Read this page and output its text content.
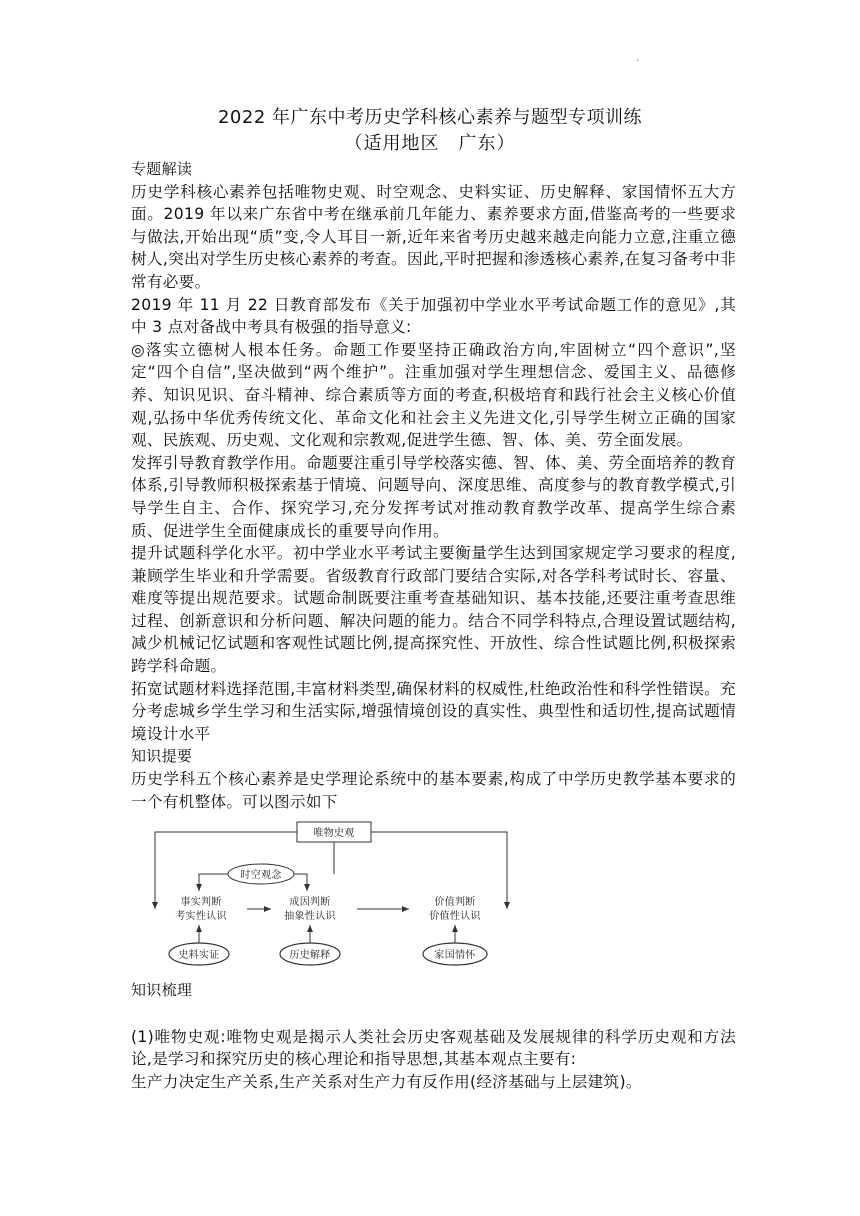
·
2022 年广东中考历史学科核心素养与题型专项训练
（适用地区　广东）

专题解读

历史学科核心素养包括唯物史观、时空观念、史料实证、历史解释、家国情怀五大方面。2019 年以来广东省中考在继承前几年能力、素养要求方面,借鉴高考的一些要求与做法,开始出现“质”变,令人耳目一新,近年来省考历史越来越走向能力立意,注重立德树人,突出对学生历史核心素养的考查。因此,平时把握和渗透核心素养,在复习备考中非常有必要。

2019 年 11 月 22 日教育部发布《关于加强初中学业水平考试命题工作的意见》,其中 3 点对备战中考具有极强的指导意义:

◎落实立德树人根本任务。命题工作要坚持正确政治方向,牢固树立“四个意识”,坚定“四个自信”,坚决做到“两个维护”。注重加强对学生理想信念、爱国主义、品德修养、知识见识、奋斗精神、综合素质等方面的考查,积极培育和践行社会主义核心价值观,弘扬中华优秀传统文化、革命文化和社会主义先进文化,引导学生树立正确的国家观、民族观、历史观、文化观和宗教观,促进学生德、智、体、美、劳全面发展。

发挥引导教育教学作用。命题要注重引导学校落实德、智、体、美、劳全面培养的教育体系,引导教师积极探索基于情境、问题导向、深度思维、高度参与的教育教学模式,引导学生自主、合作、探究学习,充分发挥考试对推动教育教学改革、提高学生综合素质、促进学生全面健康成长的重要导向作用。

提升试题科学化水平。初中学业水平考试主要衡量学生达到国家规定学习要求的程度,兼顾学生毕业和升学需要。省级教育行政部门要结合实际,对各学科考试时长、容量、难度等提出规范要求。试题命制既要注重考查基础知识、基本技能,还要注重考查思维过程、创新意识和分析问题、解决问题的能力。结合不同学科特点,合理设置试题结构,减少机械记忆试题和客观性试题比例,提高探究性、开放性、综合性试题比例,积极探索跨学科命题。

拓宽试题材料选择范围,丰富材料类型,确保材料的权威性,杜绝政治性和科学性错误。充分考虑城乡学生学习和生活实际,增强情境创设的真实性、典型性和适切性,提高试题情境设计水平

知识提要

历史学科五个核心素养是史学理论系统中的基本要素,构成了中学历史教学基本要求的一个有机整体。可以图示如下

唯物史观
时空观念
事实判断
考实性认识
成因判断
抽象性认识
价值判断
价值性认识
史料实证	历史解释	家国情怀

知识梳理

(1)唯物史观:唯物史观是揭示人类社会历史客观基础及发展规律的科学历史观和方法论,是学习和探究历史的核心理论和指导思想,其基本观点主要有:

生产力决定生产关系,生产关系对生产力有反作用(经济基础与上层建筑)。
